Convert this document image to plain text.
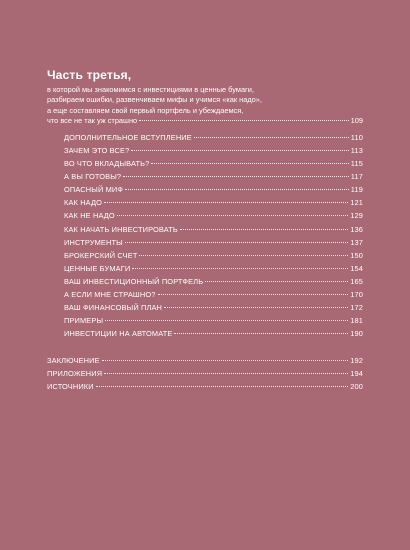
Часть третья,
в которой мы знакомимся с инвестициями в ценные бумаги,
разбираем ошибки, развенчиваем мифы и учимся «как надо»,
а еще составляем свой первый портфель и убеждаемся,
что все не так уж страшно	109
ДОПОЛНИТЕЛЬНОЕ ВСТУПЛЕНИЕ	110
ЗАЧЕМ ЭТО ВСЕ?	113
ВО ЧТО ВКЛАДЫВАТЬ?	115
А ВЫ ГОТОВЫ?	117
ОПАСНЫЙ МИФ	119
КАК НАДО	121
КАК НЕ НАДО	129
КАК НАЧАТЬ ИНВЕСТИРОВАТЬ	136
ИНСТРУМЕНТЫ	137
БРОКЕРСКИЙ СЧЕТ	150
ЦЕННЫЕ БУМАГИ	154
ВАШ ИНВЕСТИЦИОННЫЙ ПОРТФЕЛЬ	165
А ЕСЛИ МНЕ СТРАШНО?	170
ВАШ ФИНАНСОВЫЙ ПЛАН	172
ПРИМЕРЫ	181
ИНВЕСТИЦИИ НА АВТОМАТЕ	190
ЗАКЛЮЧЕНИЕ	192
ПРИЛОЖЕНИЯ	194
ИСТОЧНИКИ	200
